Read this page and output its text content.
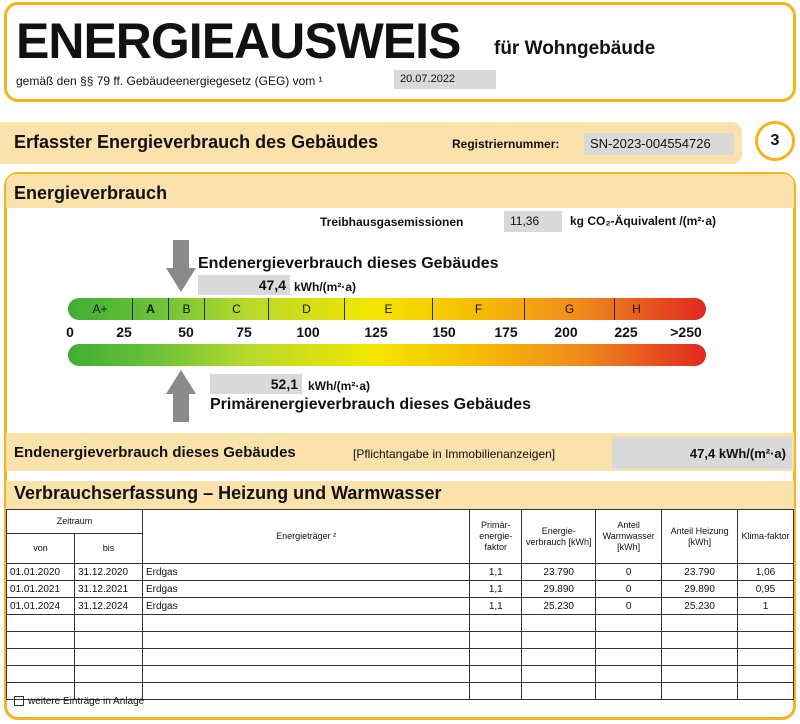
ENERGIEAUSWEIS für Wohngebäude
gemäß den §§ 79 ff. Gebäudeenergiegesetz (GEG) vom ¹	20.07.2022
Erfasster Energieverbrauch des Gebäudes	Registriernummer:	SN-2023-004554726	3
Energieverbrauch
Treibhausgasemissionen	11,36	kg CO₂-Äquivalent /(m²·a)
Endenergieverbrauch dieses Gebäudes
47,4 kWh/(m²·a)
A+	A	B	C	D	E	F	G	H
0	25	50	75	100	125	150	175	200	225 >250
52,1 kWh/(m²·a)
Primärenergieverbrauch dieses Gebäudes
Endenergieverbrauch dieses Gebäudes	[Pflichtangabe in Immobilienanzeigen]	47,4 kWh/(m²·a)
Verbrauchserfassung – Heizung und Warmwasser
Zeitraum		Energieträger ²	Primär-energie-faktor	Energie-verbrauch [kWh]	Anteil Warmwasser [kWh]	Anteil Heizung [kWh]	Klima-faktor
von	bis						
01.01.2020	31.12.2020	Erdgas	1,1	23.790	0	23.790	1,06
01.01.2021	31.12.2021	Erdgas	1,1	29.890	0	29.890	0,95
01.01.2024	31.12.2024	Erdgas	1,1	25.230	0	25.230	1

weitere Einträge in Anlage
